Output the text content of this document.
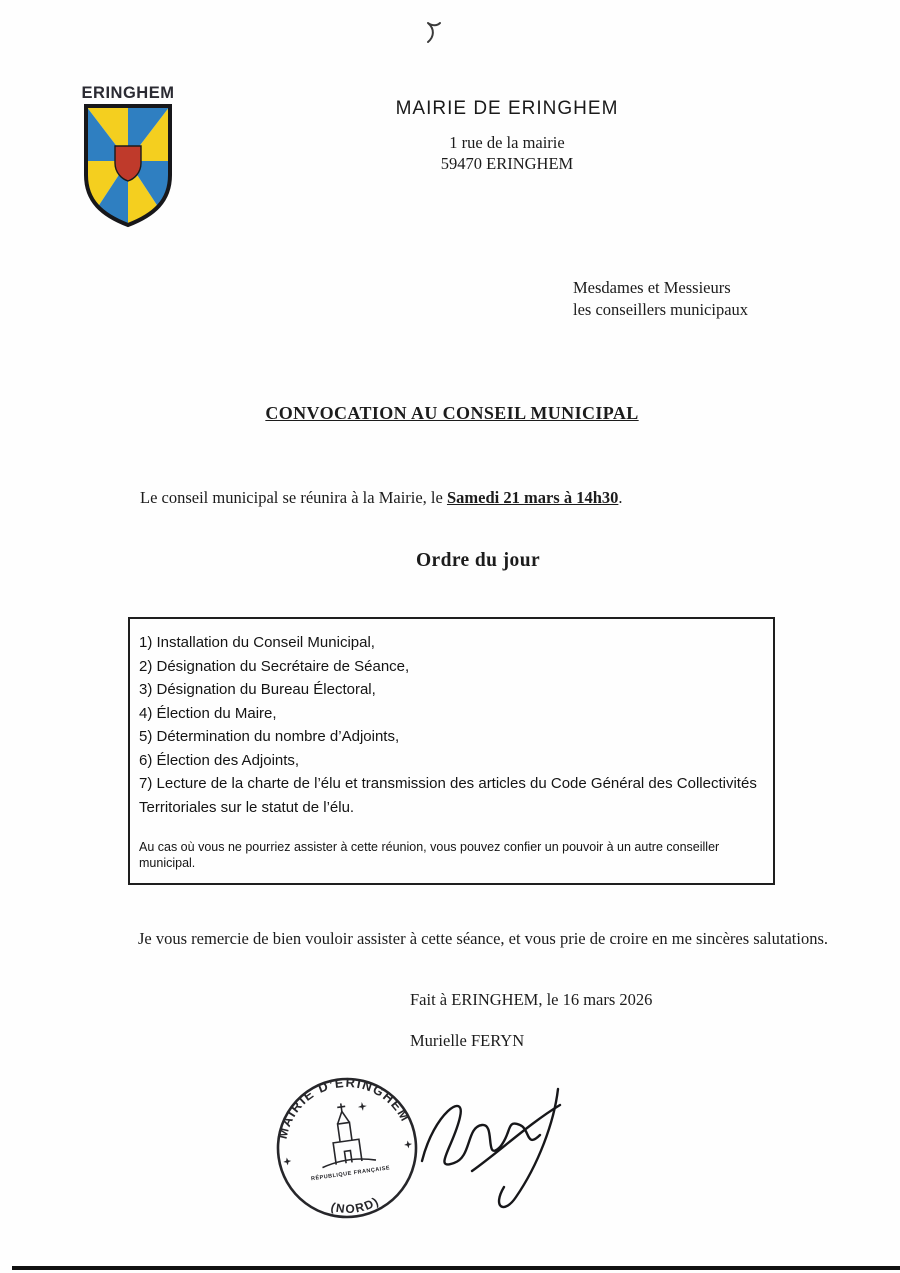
ERINGHEM
MAIRIE DE ERINGHEM
1 rue de la mairie
59470 ERINGHEM
Mesdames et Messieurs
les conseillers municipaux
CONVOCATION AU CONSEIL MUNICIPAL

Le conseil municipal se réunira à la Mairie, le Samedi 21 mars à 14h30.

Ordre du jour
1) Installation du Conseil Municipal,
2) Désignation du Secrétaire de Séance,
3) Désignation du Bureau Électoral,
4) Élection du Maire,
5) Détermination du nombre d’Adjoints,
6) Élection des Adjoints,
7) Lecture de la charte de l’élu et transmission des articles du Code Général des Collectivités Territoriales sur le statut de l’élu.
Au cas où vous ne pourriez assister à cette réunion, vous pouvez confier un pouvoir à un autre conseiller municipal.

Je vous remercie de bien vouloir assister à cette séance, et vous prie de croire en me sincères salutations.

Fait à ERINGHEM, le 16 mars 2026
Murielle FERYN
MAIRIE D’ERINGHEM
(NORD)
RÉPUBLIQUE FRANÇAISE
